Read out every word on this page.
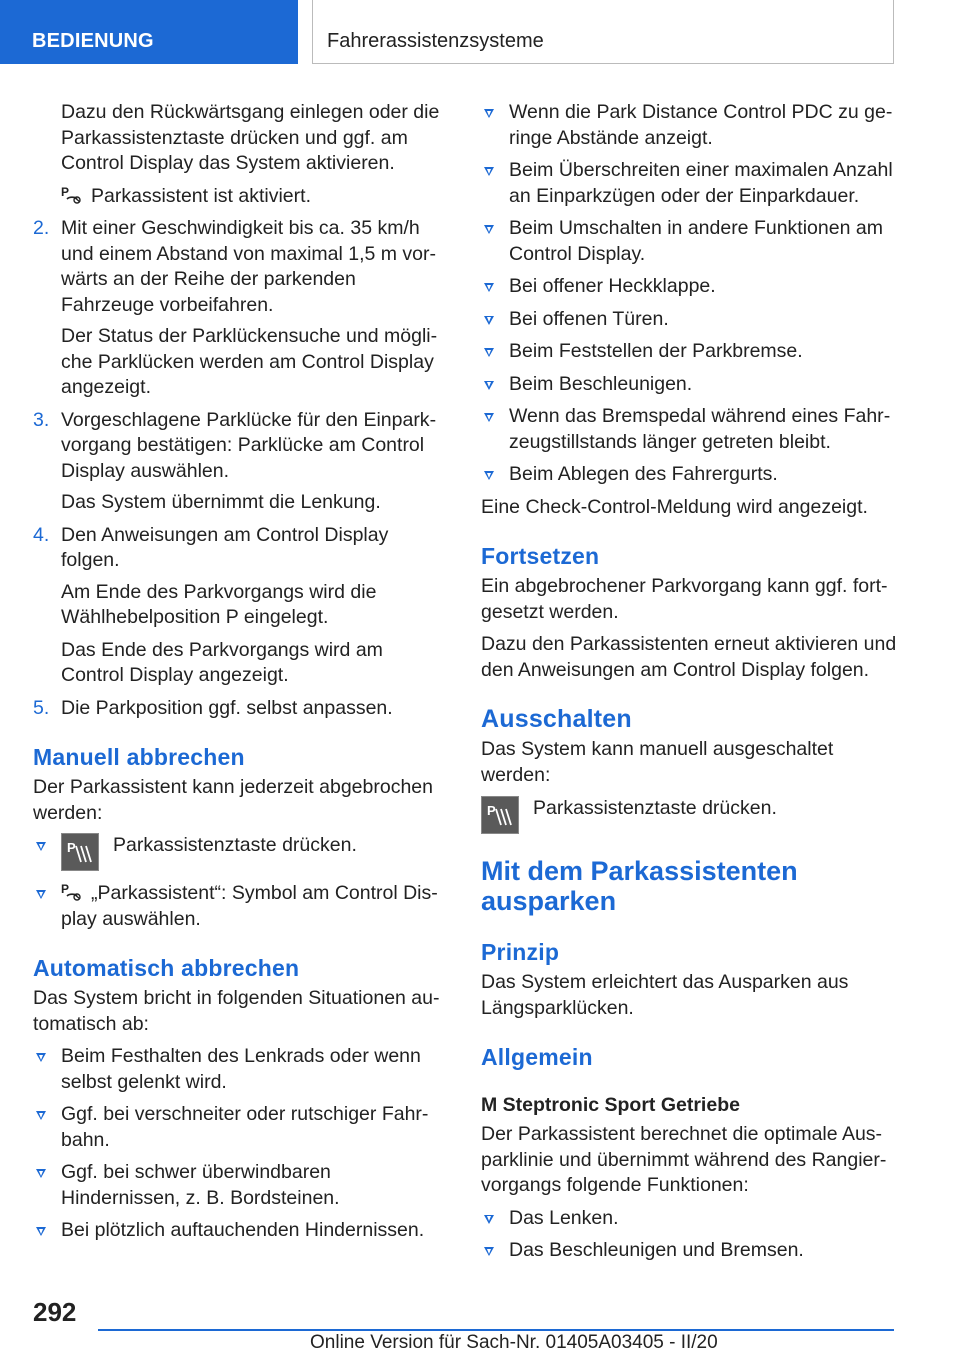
BEDIENUNG	Fahrerassistenzsysteme

Dazu den Rückwärtsgang einlegen oder die Parkassistenztaste drücken und ggf. am Control Display das System aktivieren.

P Parkassistent ist aktiviert.

2. Mit einer Geschwindigkeit bis ca. 35 km/h und einem Abstand von maximal 1,5 m vorwärts an der Reihe der parkenden Fahrzeuge vorbeifahren.
Der Status der Parklückensuche und mögliche Parklücken werden am Control Display angezeigt.
3. Vorgeschlagene Parklücke für den Einparkvorgang bestätigen: Parklücke am Control Display auswählen.
Das System übernimmt die Lenkung.
4. Den Anweisungen am Control Display folgen.
Am Ende des Parkvorgangs wird die Wählhebelposition P eingelegt.
Das Ende des Parkvorgangs wird am Control Display angezeigt.
5. Die Parkposition ggf. selbst anpassen.
Manuell abbrechen

Der Parkassistent kann jederzeit abgebrochen werden:

P Parkassistenztaste drücken.
P „Parkassistent“: Symbol am Control Display auswählen.
Automatisch abbrechen

Das System bricht in folgenden Situationen automatisch ab:

Beim Festhalten des Lenkrads oder wenn selbst gelenkt wird.
Ggf. bei verschneiter oder rutschiger Fahrbahn.
Ggf. bei schwer überwindbaren Hindernissen, z. B. Bordsteinen.
Bei plötzlich auftauchenden Hindernissen.
Wenn die Park Distance Control PDC zu geringe Abstände anzeigt.
Beim Überschreiten einer maximalen Anzahl an Einparkzügen oder der Einparkdauer.
Beim Umschalten in andere Funktionen am Control Display.
Bei offener Heckklappe.
Bei offenen Türen.
Beim Feststellen der Parkbremse.
Beim Beschleunigen.
Wenn das Bremspedal während eines Fahrzeugstillstands länger getreten bleibt.
Beim Ablegen des Fahrergurts.

Eine Check-Control-Meldung wird angezeigt.

Fortsetzen

Ein abgebrochener Parkvorgang kann ggf. fortgesetzt werden.

Dazu den Parkassistenten erneut aktivieren und den Anweisungen am Control Display folgen.

Ausschalten

Das System kann manuell ausgeschaltet werden:

P Parkassistenztaste drücken.
Mit dem Parkassistenten ausparken
Prinzip

Das System erleichtert das Ausparken aus Längsparklücken.

Allgemein
M Steptronic Sport Getriebe

Der Parkassistent berechnet die optimale Ausparklinie und übernimmt während des Rangiervorgangs folgende Funktionen:

Das Lenken.
Das Beschleunigen und Bremsen.
292
Online Version für Sach-Nr. 01405A03405 - II/20
